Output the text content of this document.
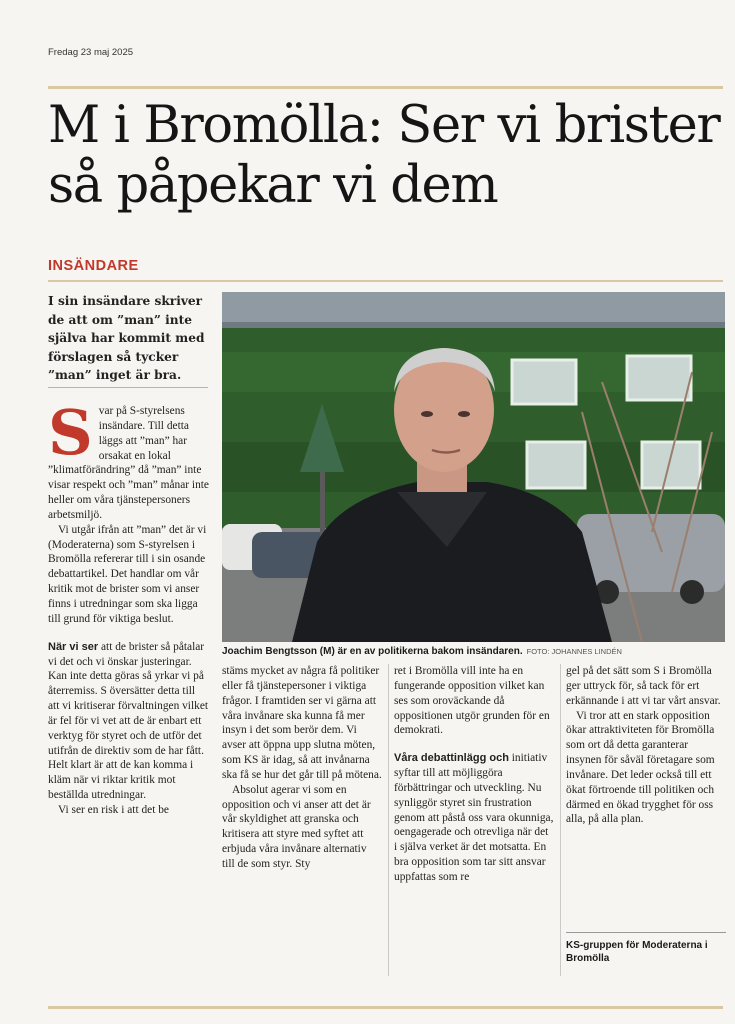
Fredag 23 maj 2025
M i Bromölla: Ser vi brister så påpekar vi dem
INSÄNDARE
I sin insändare skriver de att om ”man” inte själva har kommit med förslagen så tycker ”man” inget är bra.

Svar på S-styrelsens insändare. Till detta läggs att ”man” har orsakat en lokal ”klimatförändring” då ”man” inte visar respekt och ”man” månar inte heller om våra tjänstepersoners arbetsmiljö.

Vi utgår ifrån att ”man” det är vi (Moderaterna) som S-styrelsen i Bromölla refererar till i sin osande debattartikel. Det handlar om vår kritik mot de brister som vi anser finns i utredningar som ska ligga till grund för viktiga beslut.

När vi ser att de brister så påtalar vi det och vi önskar justeringar. Kan inte detta göras så yrkar vi på återremiss. S översätter detta till att vi kritiserar förvaltningen vilket är fel för vi vet att de är enbart ett verktyg för styret och de utför det utifrån de direktiv som de har fått. Helt klart är att de kan komma i kläm när vi riktar kritik mot beställda utredningar.

Vi ser en risk i att det be

Joachim Bengtsson (M) är en av politikerna bakom insändaren. FOTO: JOHANNES LINDÉN

stäms mycket av några få politiker eller få tjänstepersoner i viktiga frågor. I framtiden ser vi gärna att våra invånare ska kunna få mer insyn i det som berör dem. Vi avser att öppna upp slutna möten, som KS är idag, så att invånarna ska få se hur det går till på mötena.

Absolut agerar vi som en opposition och vi anser att det är vår skyldighet att granska och kritisera att styre med syftet att erbjuda våra invånare alternativ till de som styr. Sty

ret i Bromölla vill inte ha en fungerande opposition vilket kan ses som oroväckande då oppositionen utgör grunden för en demokrati.

Våra debattinlägg och initiativ syftar till att möjliggöra förbättringar och utveckling. Nu synliggör styret sin frustration genom att påstå oss vara okunniga, oengagerade och otrevliga när det i själva verket är det motsatta. En bra opposition som tar sitt ansvar uppfattas som re

gel på det sätt som S i Bromölla ger uttryck för, så tack för ert erkännande i att vi tar vårt ansvar.

Vi tror att en stark opposition ökar attraktiviteten för Bromölla som ort då detta garanterar insynen för såväl företagare som invånare. Det leder också till ett ökat förtroende till politiken och därmed en ökad trygghet för oss alla, på alla plan.

KS-gruppen för Moderaterna i Bromölla
